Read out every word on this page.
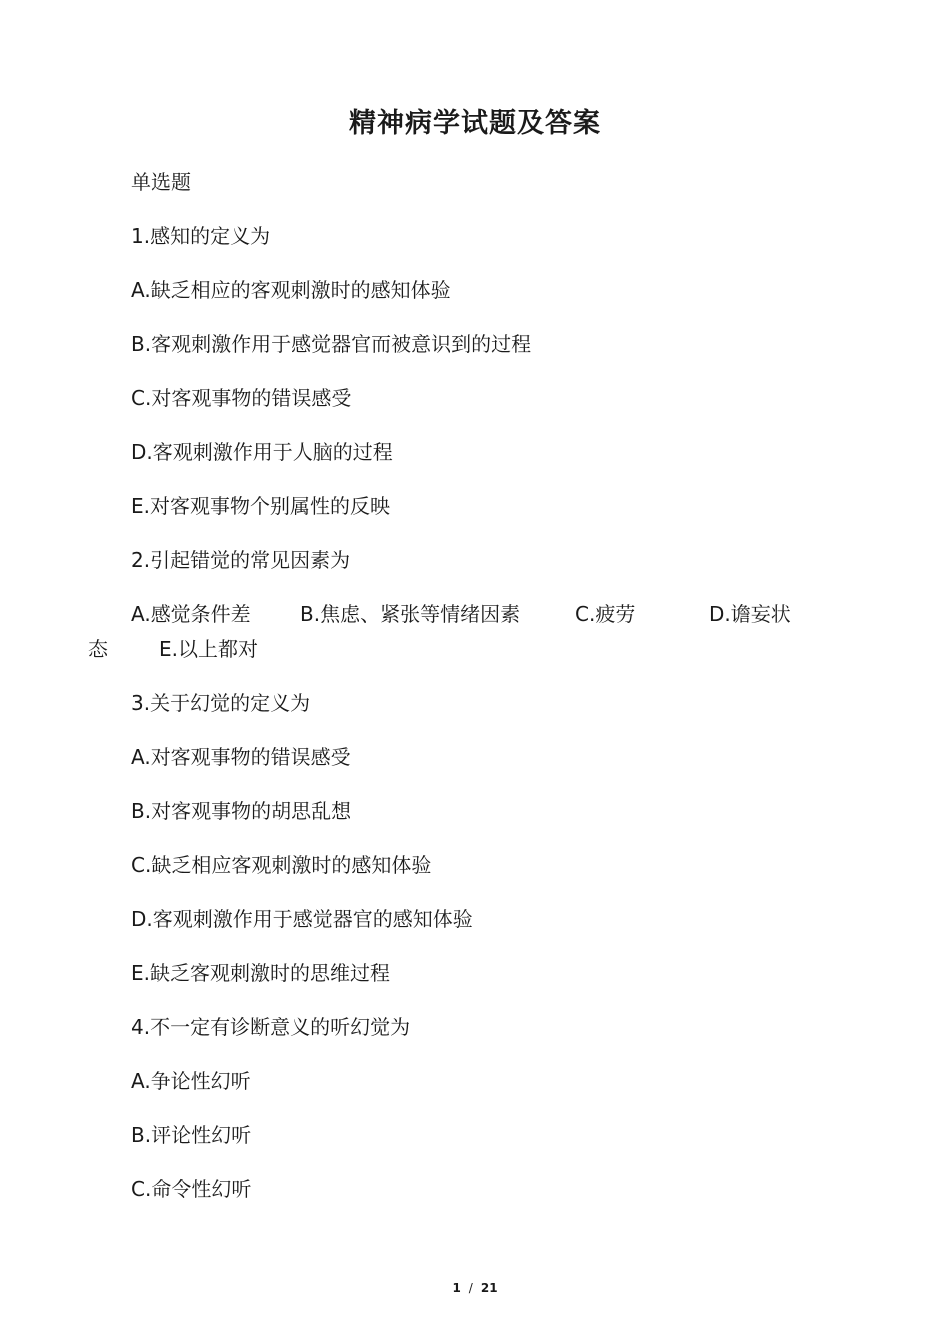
精神病学试题及答案
单选题
1.感知的定义为
A.缺乏相应的客观刺激时的感知体验
B.客观刺激作用于感觉器官而被意识到的过程
C.对客观事物的错误感受
D.客观刺激作用于人脑的过程
E.对客观事物个别属性的反映
2.引起错觉的常见因素为
A.感觉条件差 B.焦虑、紧张等情绪因素	C.疲劳	D.谵妄状
态	E.以上都对
3.关于幻觉的定义为
A.对客观事物的错误感受
B.对客观事物的胡思乱想
C.缺乏相应客观刺激时的感知体验
D.客观刺激作用于感觉器官的感知体验
E.缺乏客观刺激时的思维过程
4.不一定有诊断意义的听幻觉为
A.争论性幻听
B.评论性幻听
C.命令性幻听
1 / 21
